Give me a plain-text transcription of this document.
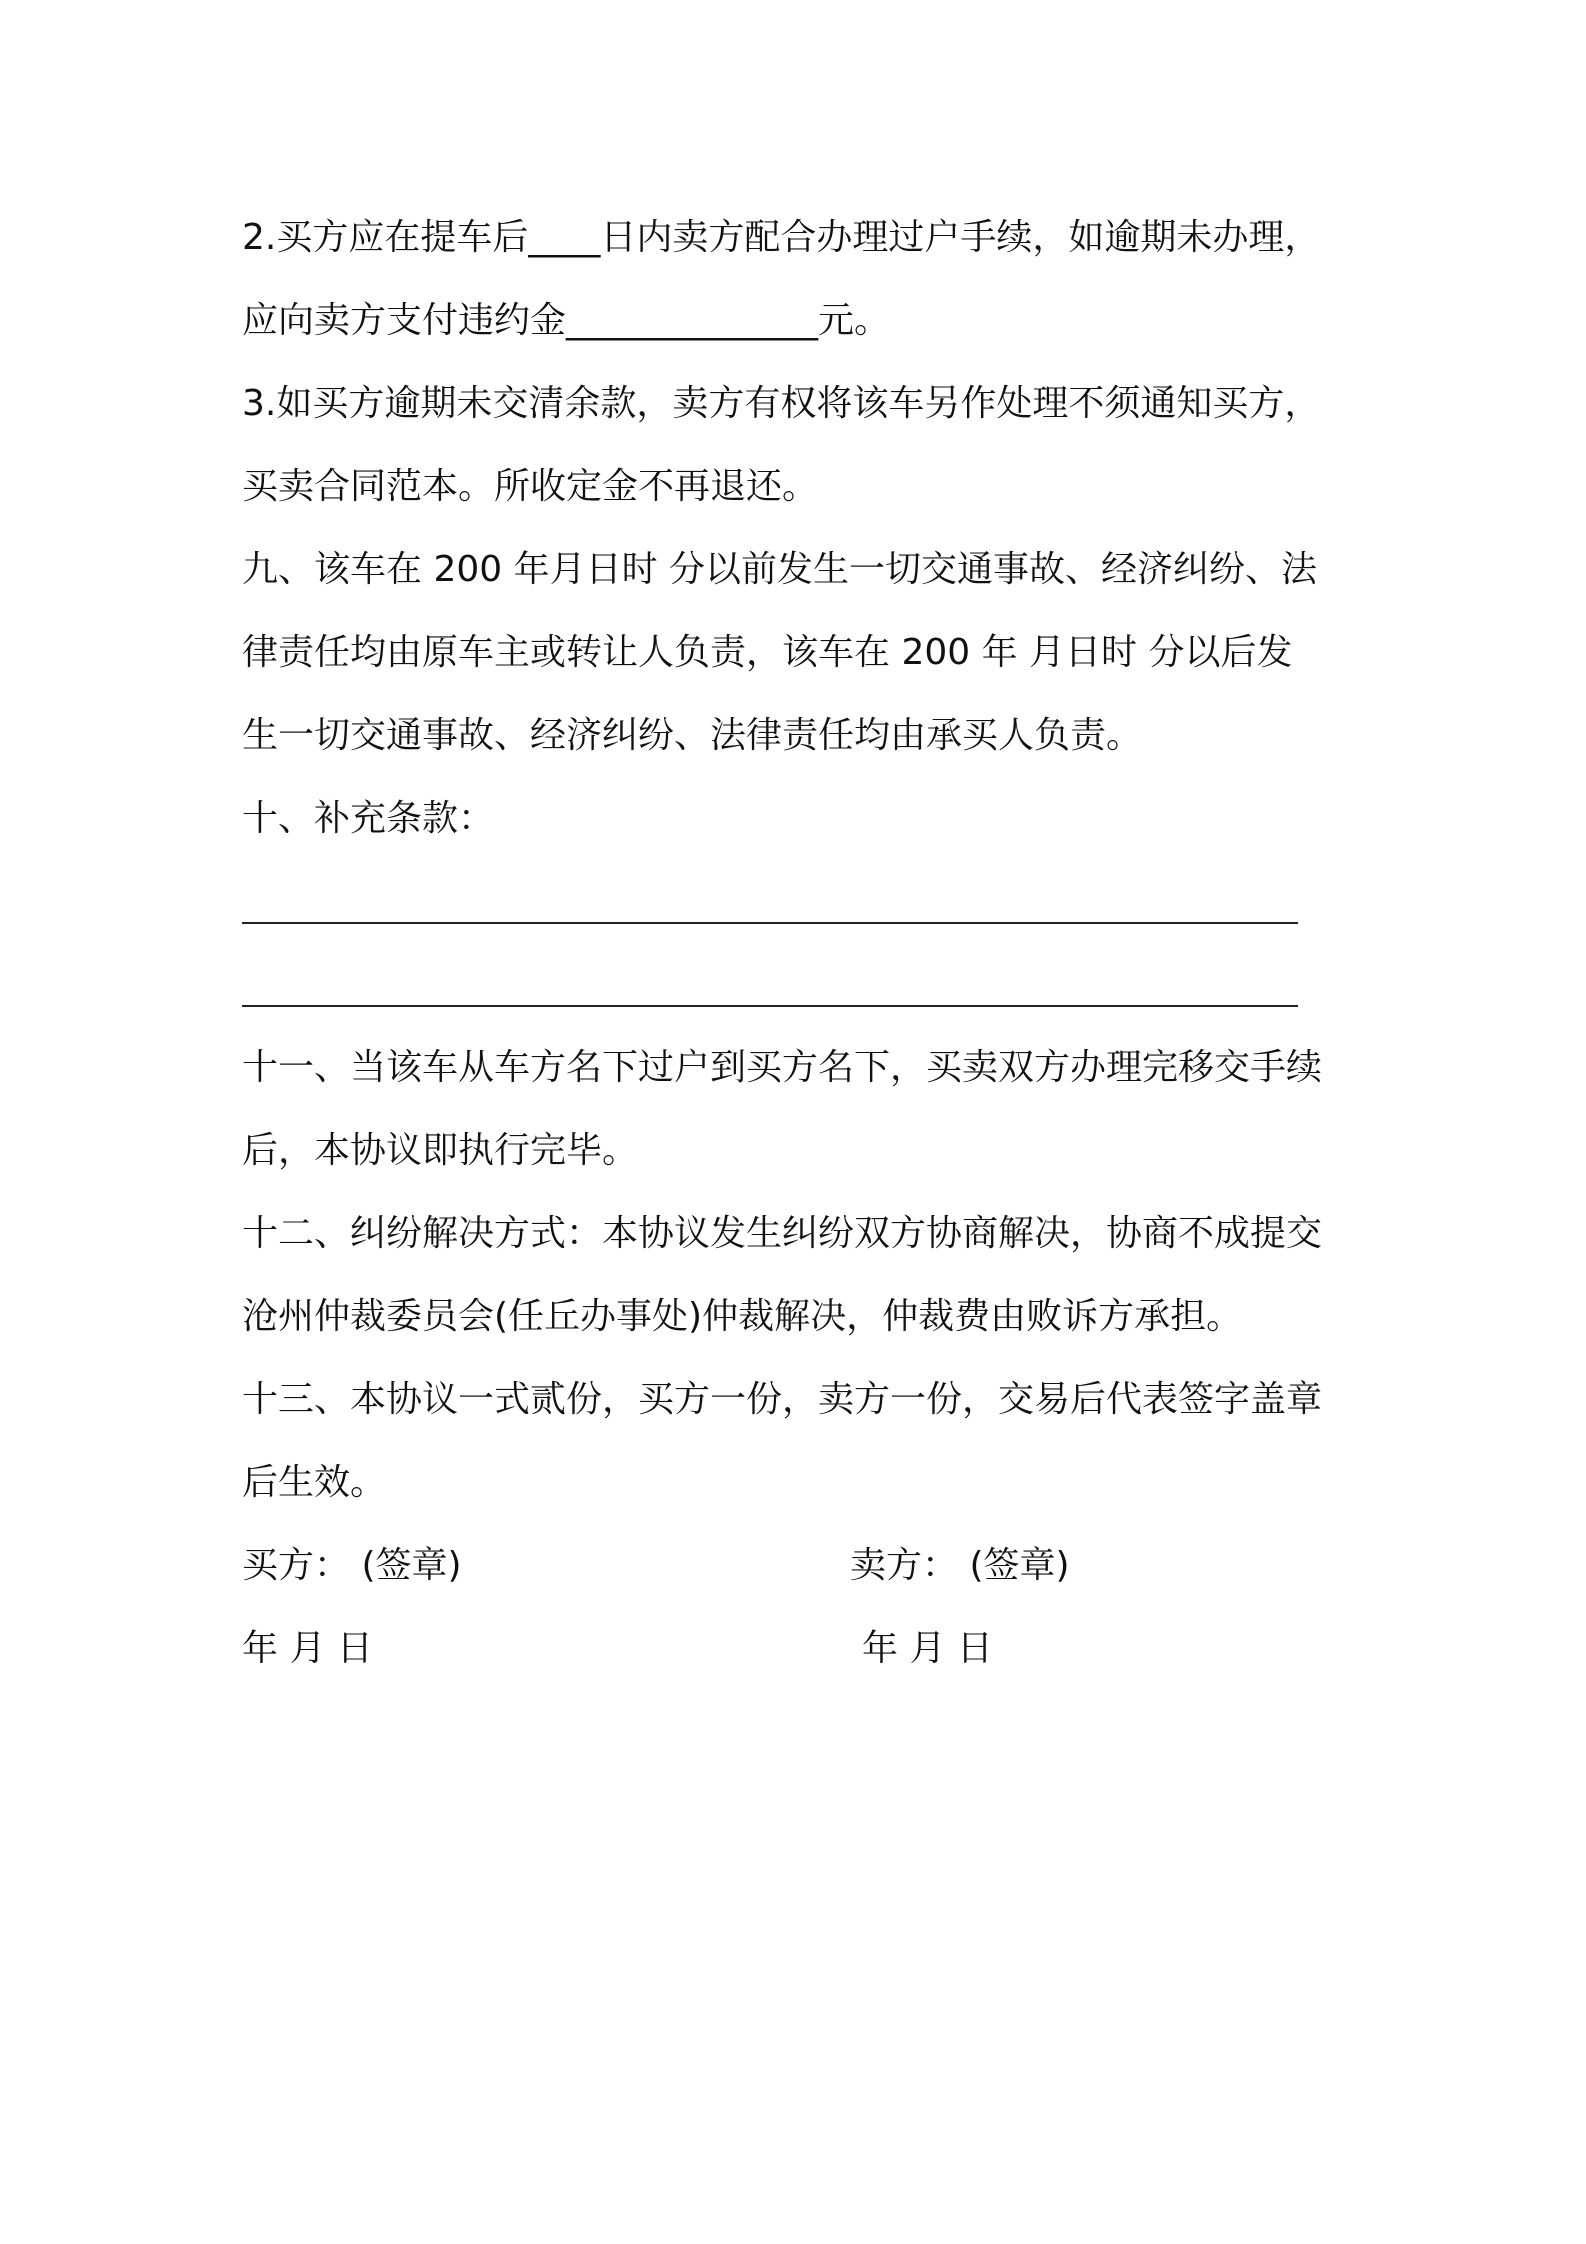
2.买方应在提车后____日内卖方配合办理过户手续，如逾期未办理，
应向卖方支付违约金______________元。
3.如买方逾期未交清余款，卖方有权将该车另作处理不须通知买方，
买卖合同范本。所收定金不再退还。
九、该车在 200 年月日时 分以前发生一切交通事故、经济纠纷、法
律责任均由原车主或转让人负责，该车在 200 年 月日时 分以后发
生一切交通事故、经济纠纷、法律责任均由承买人负责。
十、补充条款：
十一、当该车从车方名下过户到买方名下，买卖双方办理完移交手续
后，本协议即执行完毕。
十二、纠纷解决方式：本协议发生纠纷双方协商解决，协商不成提交
沧州仲裁委员会(任丘办事处)仲裁解决，仲裁费由败诉方承担。
十三、本协议一式贰份，买方一份，卖方一份，交易后代表签字盖章
后生效。
买方： (签章)	卖方： (签章)
年 月 日	年 月 日
